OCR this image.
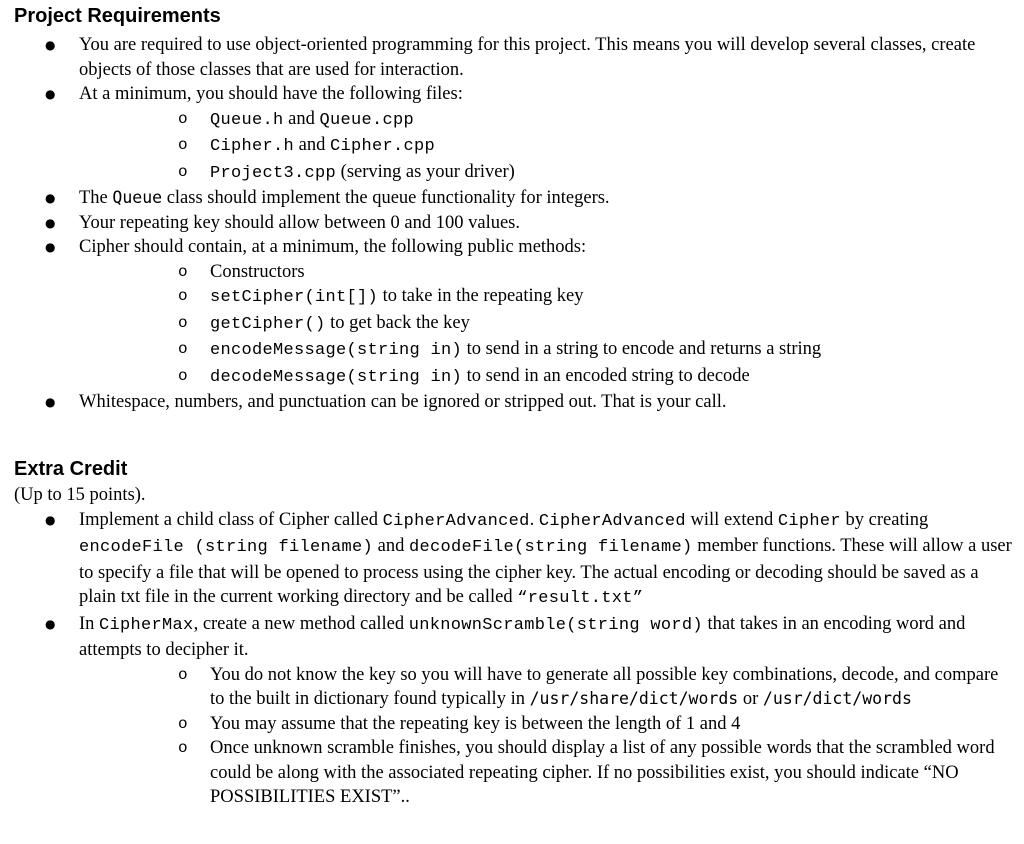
Project Requirements
● You are required to use object-oriented programming for this project. This means you will develop several classes, create objects of those classes that are used for interaction.
● At a minimum, you should have the following files:
o Queue.h and Queue.cpp
o Cipher.h and Cipher.cpp
o Project3.cpp (serving as your driver)
● The Queue class should implement the queue functionality for integers.
● Your repeating key should allow between 0 and 100 values.
● Cipher should contain, at a minimum, the following public methods:
o Constructors
o setCipher(int[]) to take in the repeating key
o getCipher() to get back the key
o encodeMessage(string in) to send in a string to encode and returns a string
o decodeMessage(string in) to send in an encoded string to decode
● Whitespace, numbers, and punctuation can be ignored or stripped out. That is your call.
Extra Credit
(Up to 15 points).
● Implement a child class of Cipher called CipherAdvanced. CipherAdvanced will extend Cipher by creating encodeFile (string filename) and decodeFile(string filename) member functions. These will allow a user to specify a file that will be opened to process using the cipher key. The actual encoding or decoding should be saved as a plain txt file in the current working directory and be called “result.txt”
● In CipherMax, create a new method called unknownScramble(string word) that takes in an encoding word and attempts to decipher it.
o You do not know the key so you will have to generate all possible key combinations, decode, and compare to the built in dictionary found typically in /usr/share/dict/words or /usr/dict/words
o You may assume that the repeating key is between the length of 1 and 4
o Once unknown scramble finishes, you should display a list of any possible words that the scrambled word could be along with the associated repeating cipher. If no possibilities exist, you should indicate “NO POSSIBILITIES EXIST”..
